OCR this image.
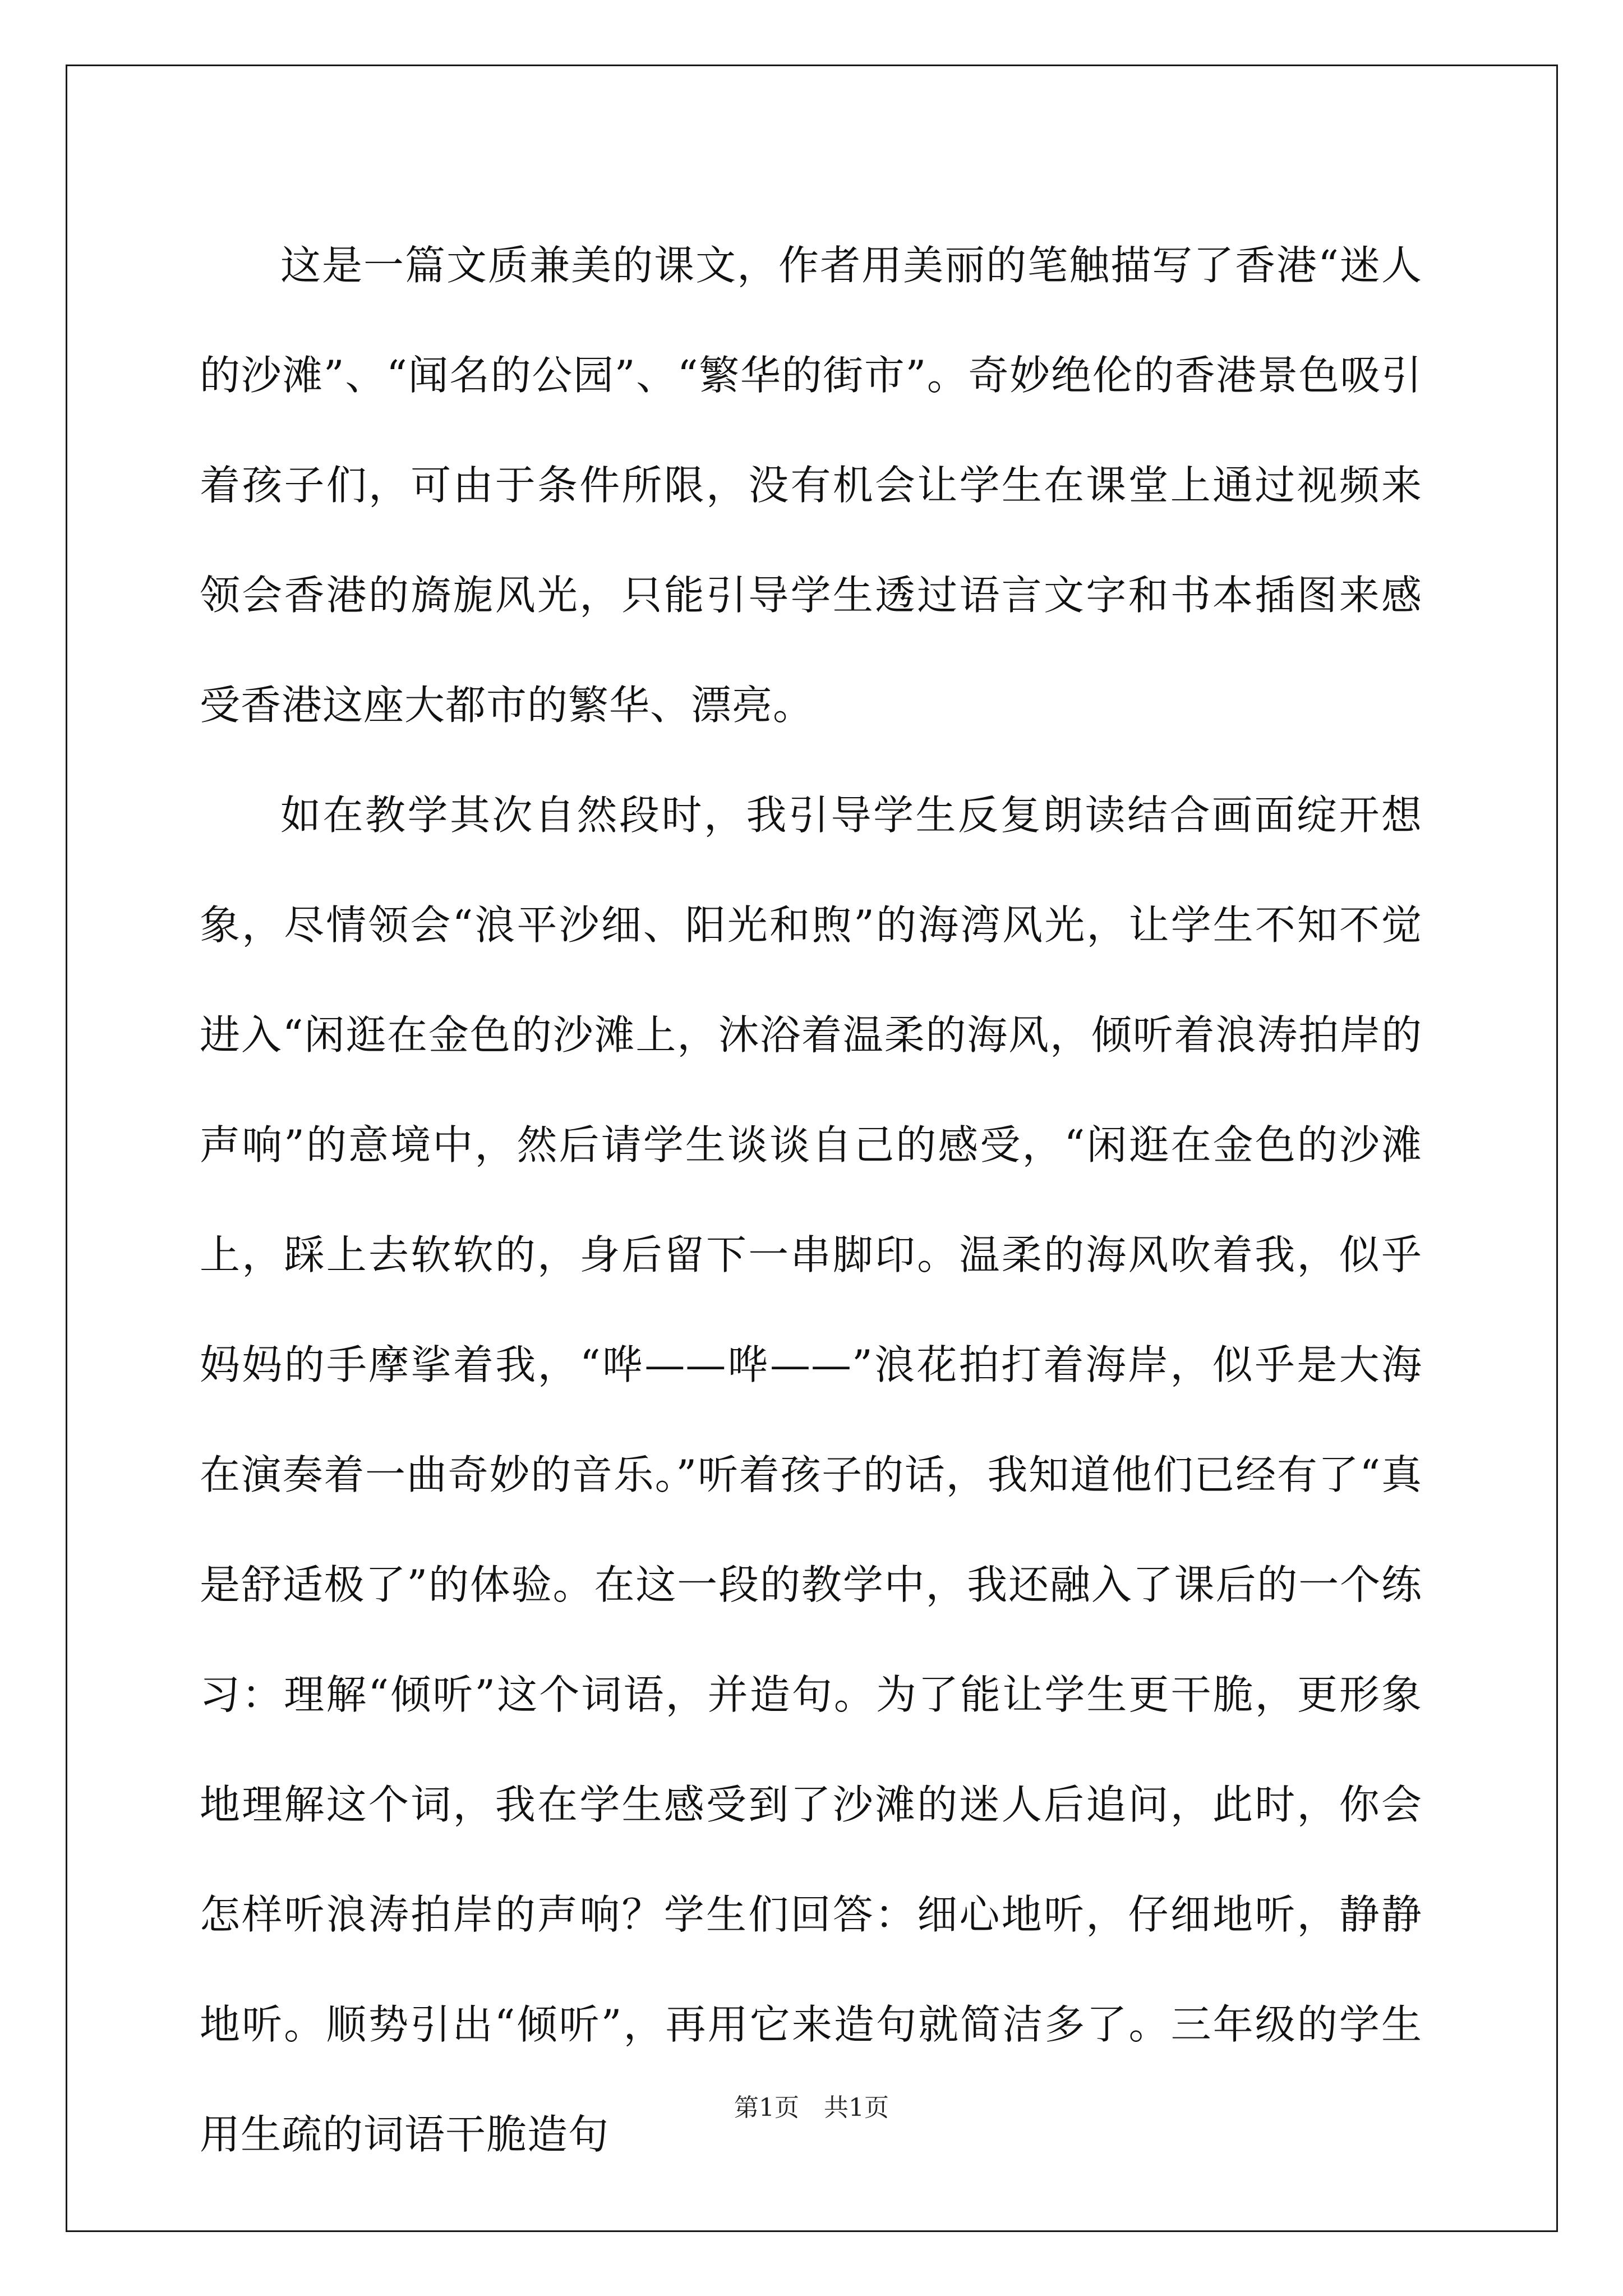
这是一篇文质兼美的课文，作者用美丽的笔触描写了香港“迷人的沙滩”、“闻名的公园”、“繁华的街市”。奇妙绝伦的香港景色吸引着孩子们，可由于条件所限，没有机会让学生在课堂上通过视频来领会香港的旖旎风光，只能引导学生透过语言文字和书本插图来感受香港这座大都市的繁华、漂亮。

如在教学其次自然段时，我引导学生反复朗读结合画面绽开想象，尽情领会“浪平沙细、阳光和煦”的海湾风光，让学生不知不觉进入“闲逛在金色的沙滩上，沐浴着温柔的海风，倾听着浪涛拍岸的声响”的意境中，然后请学生谈谈自己的感受，“闲逛在金色的沙滩上，踩上去软软的，身后留下一串脚印。温柔的海风吹着我，似乎妈妈的手摩挲着我，“哗——哗——”浪花拍打着海岸，似乎是大海在演奏着一曲奇妙的音乐。”听着孩子的话，我知道他们已经有了“真是舒适极了”的体验。在这一段的教学中，我还融入了课后的一个练习：理解“倾听”这个词语，并造句。为了能让学生更干脆，更形象地理解这个词，我在学生感受到了沙滩的迷人后追问，此时，你会怎样听浪涛拍岸的声响？学生们回答：细心地听，仔细地听，静静地听。顺势引出“倾听”，再用它来造句就简洁多了。三年级的学生用生疏的词语干脆造句

第1页 共1页
